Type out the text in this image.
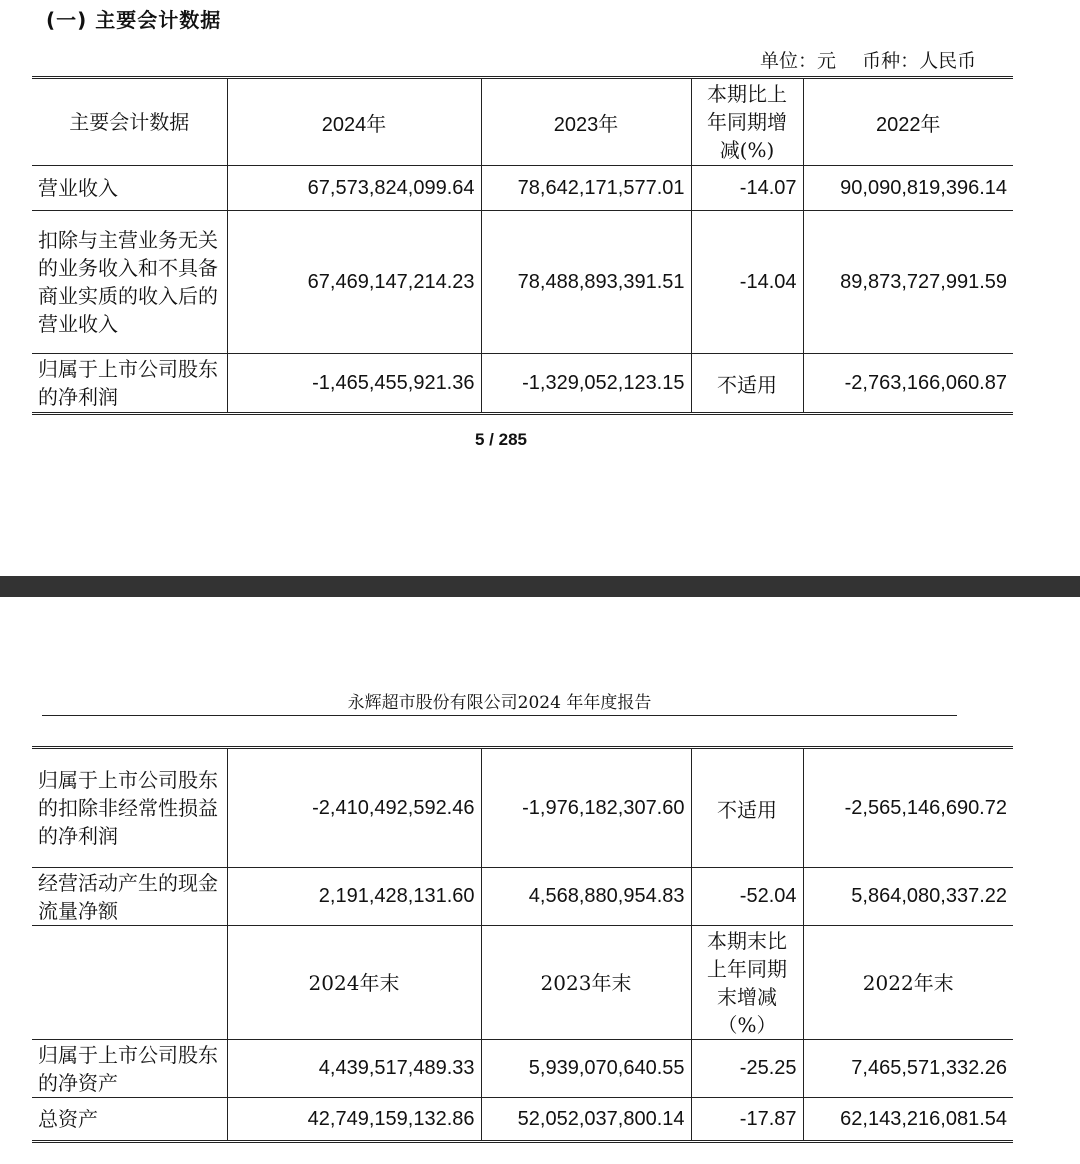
(一) 主要会计数据
单位：元 币种：人民币
主要会计数据	2024年	2023年	本期比上年同期增减(%)	2022年
营业收入	67,573,824,099.64	78,642,171,577.01	-14.07	90,090,819,396.14
扣除与主营业务无关的业务收入和不具备商业实质的收入后的营业收入	67,469,147,214.23	78,488,893,391.51	-14.04	89,873,727,991.59
归属于上市公司股东的净利润	-1,465,455,921.36	-1,329,052,123.15	不适用	-2,763,166,060.87
5 / 285
永辉超市股份有限公司2024 年年度报告
归属于上市公司股东的扣除非经常性损益的净利润	-2,410,492,592.46	-1,976,182,307.60	不适用	-2,565,146,690.72
经营活动产生的现金流量净额	2,191,428,131.60	4,568,880,954.83	-52.04	5,864,080,337.22
	2024年末	2023年末	本期末比上年同期末增减（%）	2022年末
归属于上市公司股东的净资产	4,439,517,489.33	5,939,070,640.55	-25.25	7,465,571,332.26
总资产	42,749,159,132.86	52,052,037,800.14	-17.87	62,143,216,081.54
